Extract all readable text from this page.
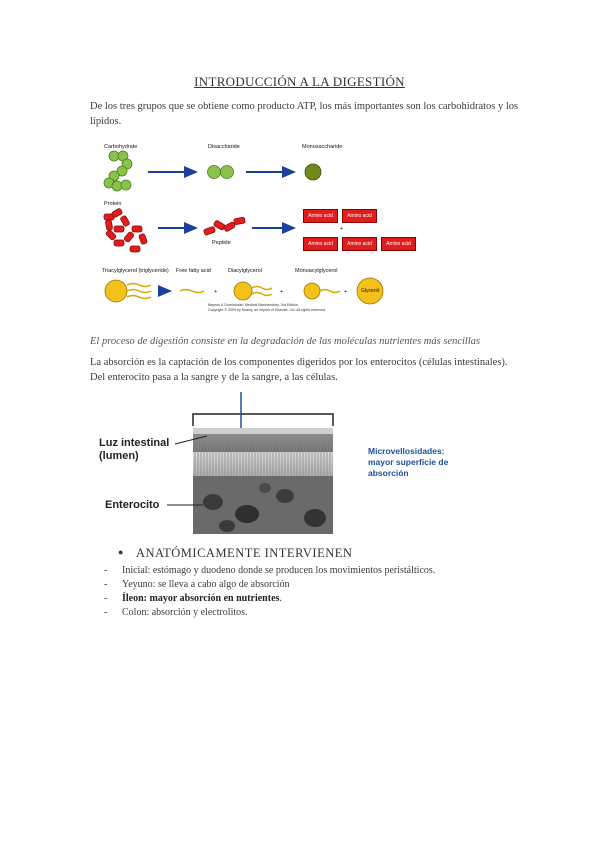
INTRODUCCIÓN A LA DIGESTIÓN
De los tres grupos que se obtiene como producto ATP, los más importantes son los carbohidratos y los lípidos.
Carbohydrate	Disaccharide	Monosaccharide
Protein
Peptide
Amino acid	Amino acid
+
Amino acid	Amino acid	Amino acid
Triacylglycerol (triglyceride) Free fatty acid
+
Diacylglycerol
+
Monoacylglycerol
+	Glycerol
Baynes & Dominiczak: Medical Biochemistry, 3rd Edition.
Copyright © 2009 by Mosby, an imprint of Elsevier, Ltd. All rights reserved.
El proceso de digestión consiste en la degradación de las moléculas nutrientes más sencillas
La absorción es la captación de los componentes digeridos por los enterocitos (células intestinales). Del enterocito pasa a la sangre y de la sangre, a las células.
Luz intestinal
(lumen)
Enterocito
Microvellosidades:
mayor superficie de
absorción
● ANATÓMICAMENTE INTERVIENEN
- Inicial: estómago y duodeno donde se producen los movimientos peristálticos.
- Yeyuno: se lleva a cabo algo de absorción
- Íleon: mayor absorción en nutrientes.
- Colon: absorción y electrolitos.
